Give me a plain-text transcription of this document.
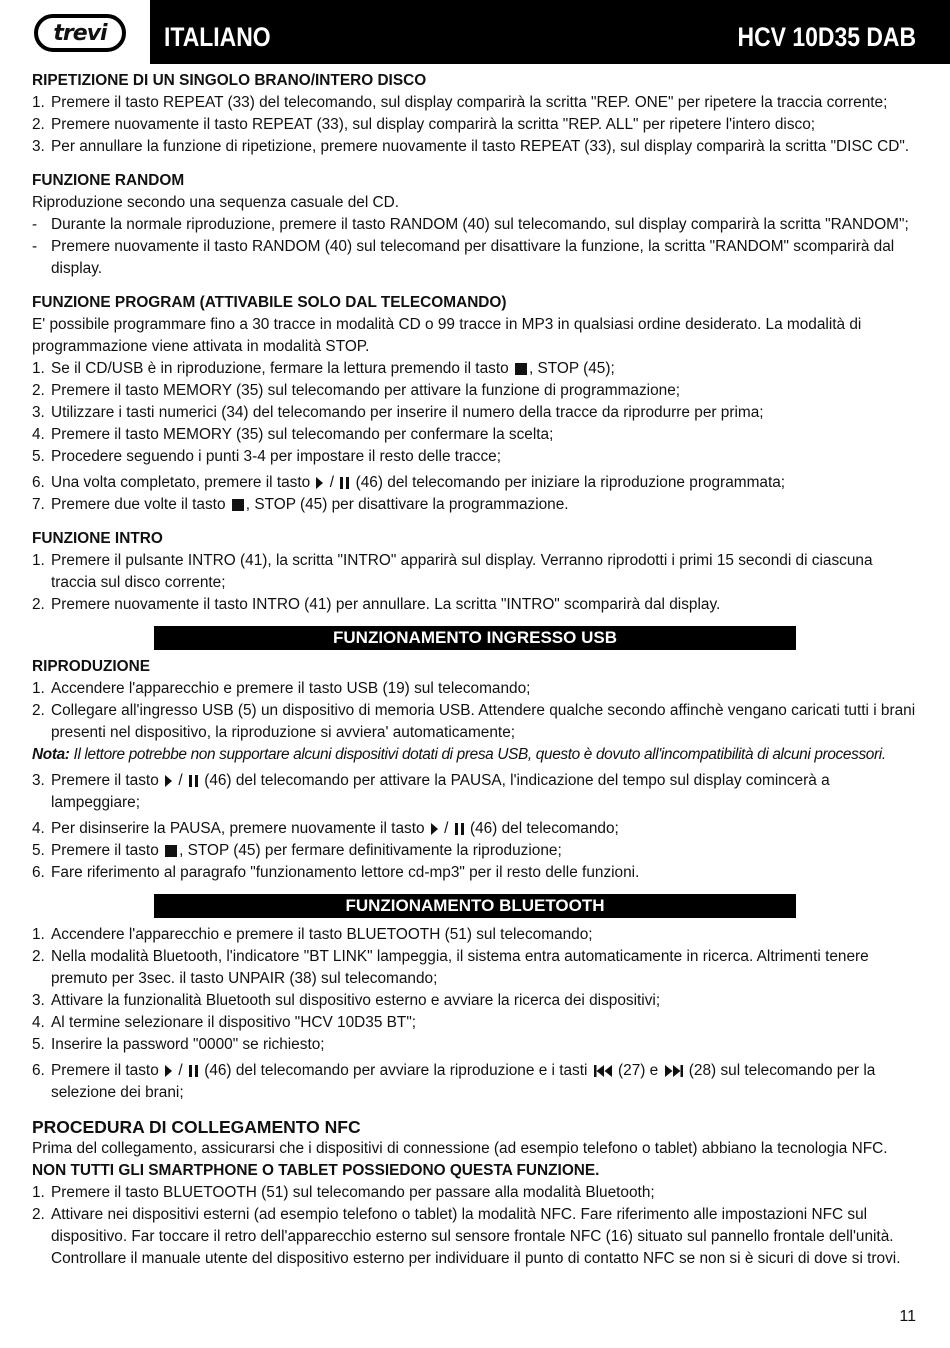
trevi	ITALIANO	HCV 10D35 DAB

RIPETIZIONE DI UN SINGOLO BRANO/INTERO DISCO

1. Premere il tasto REPEAT (33) del telecomando, sul display comparirà la scritta "REP. ONE" per ripetere la traccia corrente;

2. Premere nuovamente il tasto REPEAT (33), sul display comparirà la scritta "REP. ALL" per ripetere l'intero disco;

3. Per annullare la funzione di ripetizione, premere nuovamente il tasto REPEAT (33), sul display comparirà la scritta "DISC CD".

FUNZIONE RANDOM

Riproduzione secondo una sequenza casuale del CD.

- Durante la normale riproduzione, premere il tasto RANDOM (40) sul telecomando, sul display comparirà la scritta "RANDOM";

- Premere nuovamente il tasto RANDOM (40) sul telecomand per disattivare la funzione, la scritta "RANDOM" scomparirà dal display.

FUNZIONE PROGRAM (ATTIVABILE SOLO DAL TELECOMANDO)

E' possibile programmare fino a 30 tracce in modalità CD o 99 tracce in MP3 in qualsiasi ordine desiderato. La modalità di programmazione viene attivata in modalità STOP.

1. Se il CD/USB è in riproduzione, fermare la lettura premendo il tasto , STOP (45);

2. Premere il tasto MEMORY (35) sul telecomando per attivare la funzione di programmazione;

3. Utilizzare i tasti numerici (34) del telecomando per inserire il numero della tracce da riprodurre per prima;

4. Premere il tasto MEMORY (35) sul telecomando per confermare la scelta;

5. Procedere seguendo i punti 3-4 per impostare il resto delle tracce;

6. Una volta completato, premere il tasto / (46) del telecomando per iniziare la riproduzione programmata;

7. Premere due volte il tasto , STOP (45) per disattivare la programmazione.

FUNZIONE INTRO

1. Premere il pulsante INTRO (41), la scritta "INTRO" apparirà sul display. Verranno riprodotti i primi 15 secondi di ciascuna traccia sul disco corrente;

2. Premere nuovamente il tasto INTRO (41) per annullare. La scritta "INTRO" scomparirà dal display.

FUNZIONAMENTO INGRESSO USB

RIPRODUZIONE

1. Accendere l'apparecchio e premere il tasto USB (19) sul telecomando;

2. Collegare all'ingresso USB (5) un dispositivo di memoria USB. Attendere qualche secondo affinchè vengano caricati tutti i brani presenti nel dispositivo, la riproduzione si avviera' automaticamente;

Nota: Il lettore potrebbe non supportare alcuni dispositivi dotati di presa USB, questo è dovuto all'incompatibilità di alcuni processori.

3. Premere il tasto / (46) del telecomando per attivare la PAUSA, l'indicazione del tempo sul display comincerà a lampeggiare;

4. Per disinserire la PAUSA, premere nuovamente il tasto / (46) del telecomando;

5. Premere il tasto , STOP (45) per fermare definitivamente la riproduzione;

6. Fare riferimento al paragrafo "funzionamento lettore cd-mp3" per il resto delle funzioni.

FUNZIONAMENTO BLUETOOTH

1. Accendere l'apparecchio e premere il tasto BLUETOOTH (51) sul telecomando;

2. Nella modalità Bluetooth, l'indicatore "BT LINK" lampeggia, il sistema entra automaticamente in ricerca. Altrimenti tenere premuto per 3sec. il tasto UNPAIR (38) sul telecomando;

3. Attivare la funzionalità Bluetooth sul dispositivo esterno e avviare la ricerca dei dispositivi;

4. Al termine selezionare il dispositivo "HCV 10D35 BT";

5. Inserire la password "0000" se richiesto;

6. Premere il tasto / (46) del telecomando per avviare la riproduzione e i tasti (27) e (28) sul telecomando per la selezione dei brani;

PROCEDURA DI COLLEGAMENTO NFC

Prima del collegamento, assicurarsi che i dispositivi di connessione (ad esempio telefono o tablet) abbiano la tecnologia NFC.

NON TUTTI GLI SMARTPHONE O TABLET POSSIEDONO QUESTA FUNZIONE.

1. Premere il tasto BLUETOOTH (51) sul telecomando per passare alla modalità Bluetooth;

2. Attivare nei dispositivi esterni (ad esempio telefono o tablet) la modalità NFC. Fare riferimento alle impostazioni NFC sul dispositivo. Far toccare il retro dell'apparecchio esterno sul sensore frontale NFC (16) situato sul pannello frontale dell'unità. Controllare il manuale utente del dispositivo esterno per individuare il punto di contatto NFC se non si è sicuri di dove si trovi.

11
